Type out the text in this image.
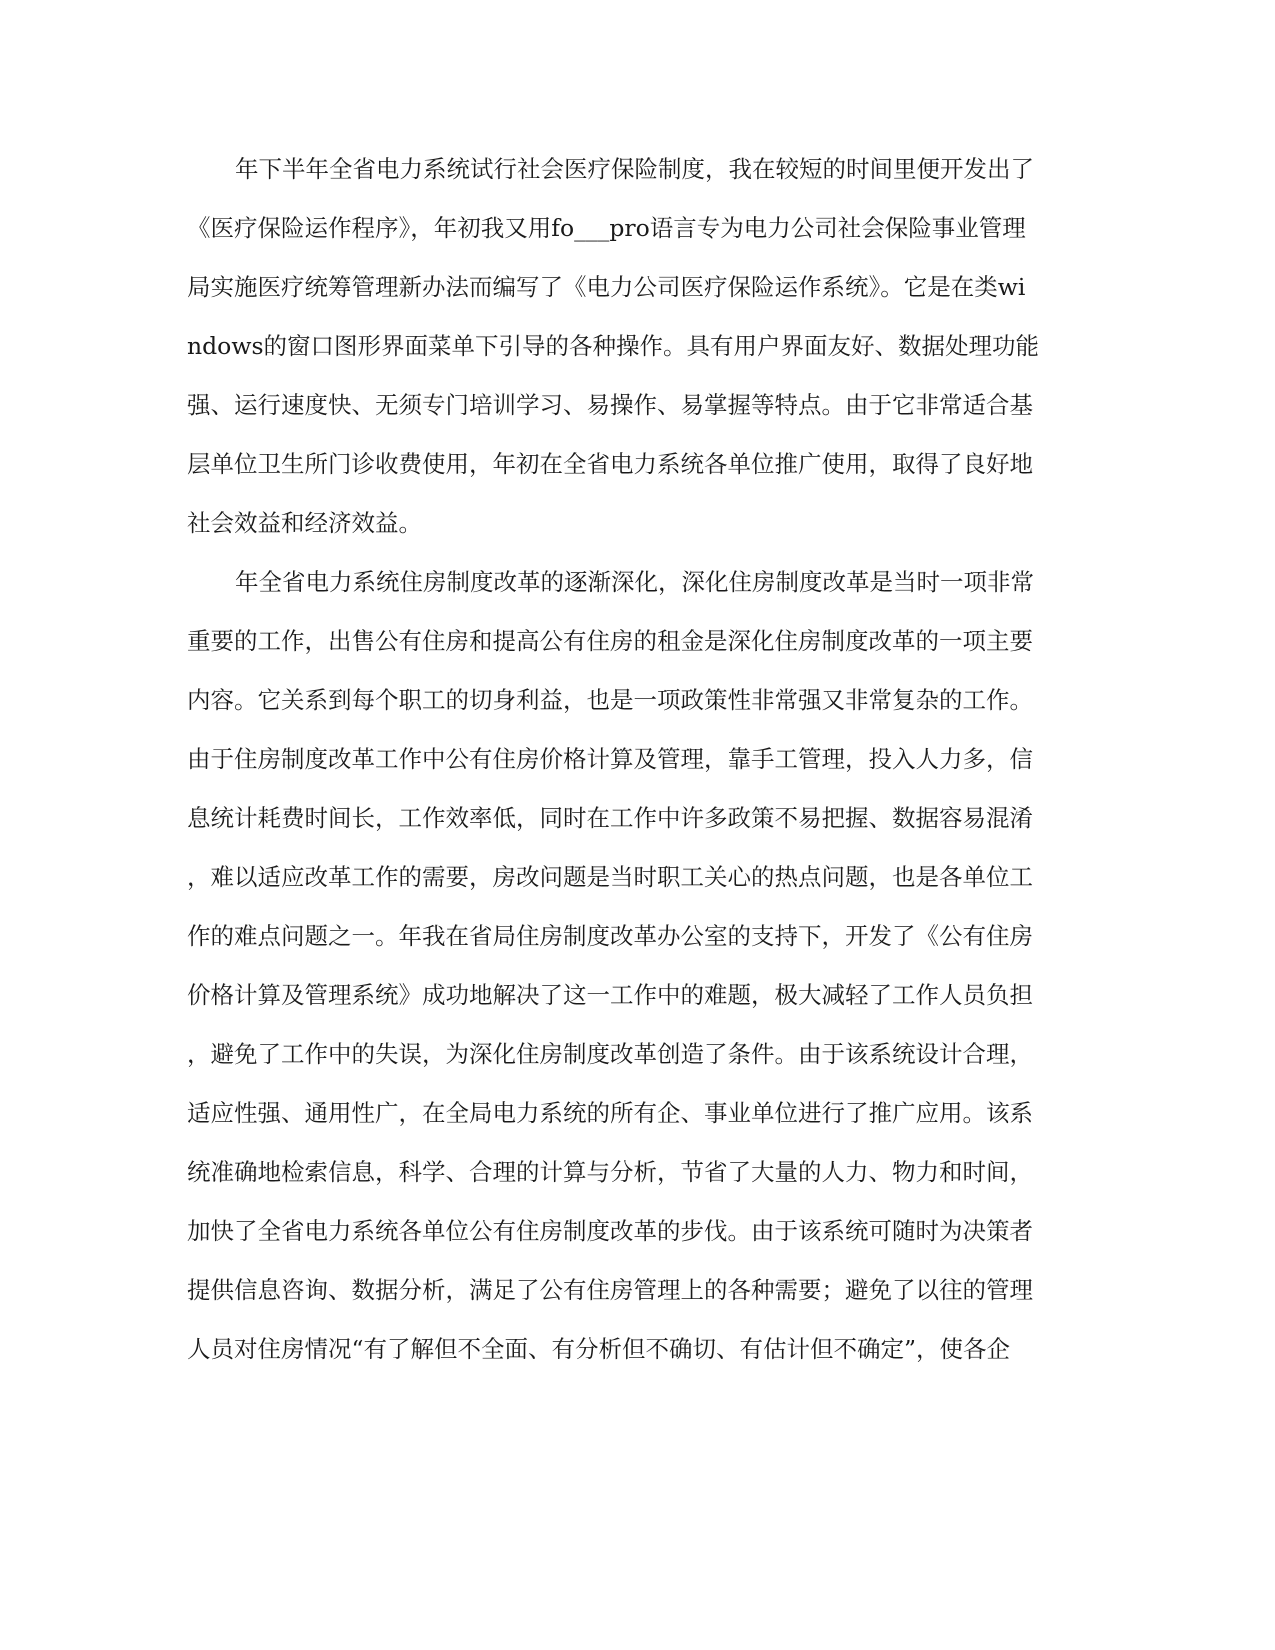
年下半年全省电力系统试行社会医疗保险制度，我在较短的时间里便开发出了
《医疗保险运作程序》，年初我又用fo___pro语言专为电力公司社会保险事业管理
局实施医疗统筹管理新办法而编写了《电力公司医疗保险运作系统》。它是在类wi
ndows的窗口图形界面菜单下引导的各种操作。具有用户界面友好、数据处理功能
强、运行速度快、无须专门培训学习、易操作、易掌握等特点。由于它非常适合基
层单位卫生所门诊收费使用，年初在全省电力系统各单位推广使用，取得了良好地
社会效益和经济效益。
年全省电力系统住房制度改革的逐渐深化，深化住房制度改革是当时一项非常
重要的工作，出售公有住房和提高公有住房的租金是深化住房制度改革的一项主要
内容。它关系到每个职工的切身利益，也是一项政策性非常强又非常复杂的工作。
由于住房制度改革工作中公有住房价格计算及管理，靠手工管理，投入人力多，信
息统计耗费时间长，工作效率低，同时在工作中许多政策不易把握、数据容易混淆
，难以适应改革工作的需要，房改问题是当时职工关心的热点问题，也是各单位工
作的难点问题之一。年我在省局住房制度改革办公室的支持下，开发了《公有住房
价格计算及管理系统》成功地解决了这一工作中的难题，极大减轻了工作人员负担
，避免了工作中的失误，为深化住房制度改革创造了条件。由于该系统设计合理，
适应性强、通用性广，在全局电力系统的所有企、事业单位进行了推广应用。该系
统准确地检索信息，科学、合理的计算与分析，节省了大量的人力、物力和时间，
加快了全省电力系统各单位公有住房制度改革的步伐。由于该系统可随时为决策者
提供信息咨询、数据分析，满足了公有住房管理上的各种需要；避免了以往的管理
人员对住房情况“有了解但不全面、有分析但不确切、有估计但不确定”，使各企
